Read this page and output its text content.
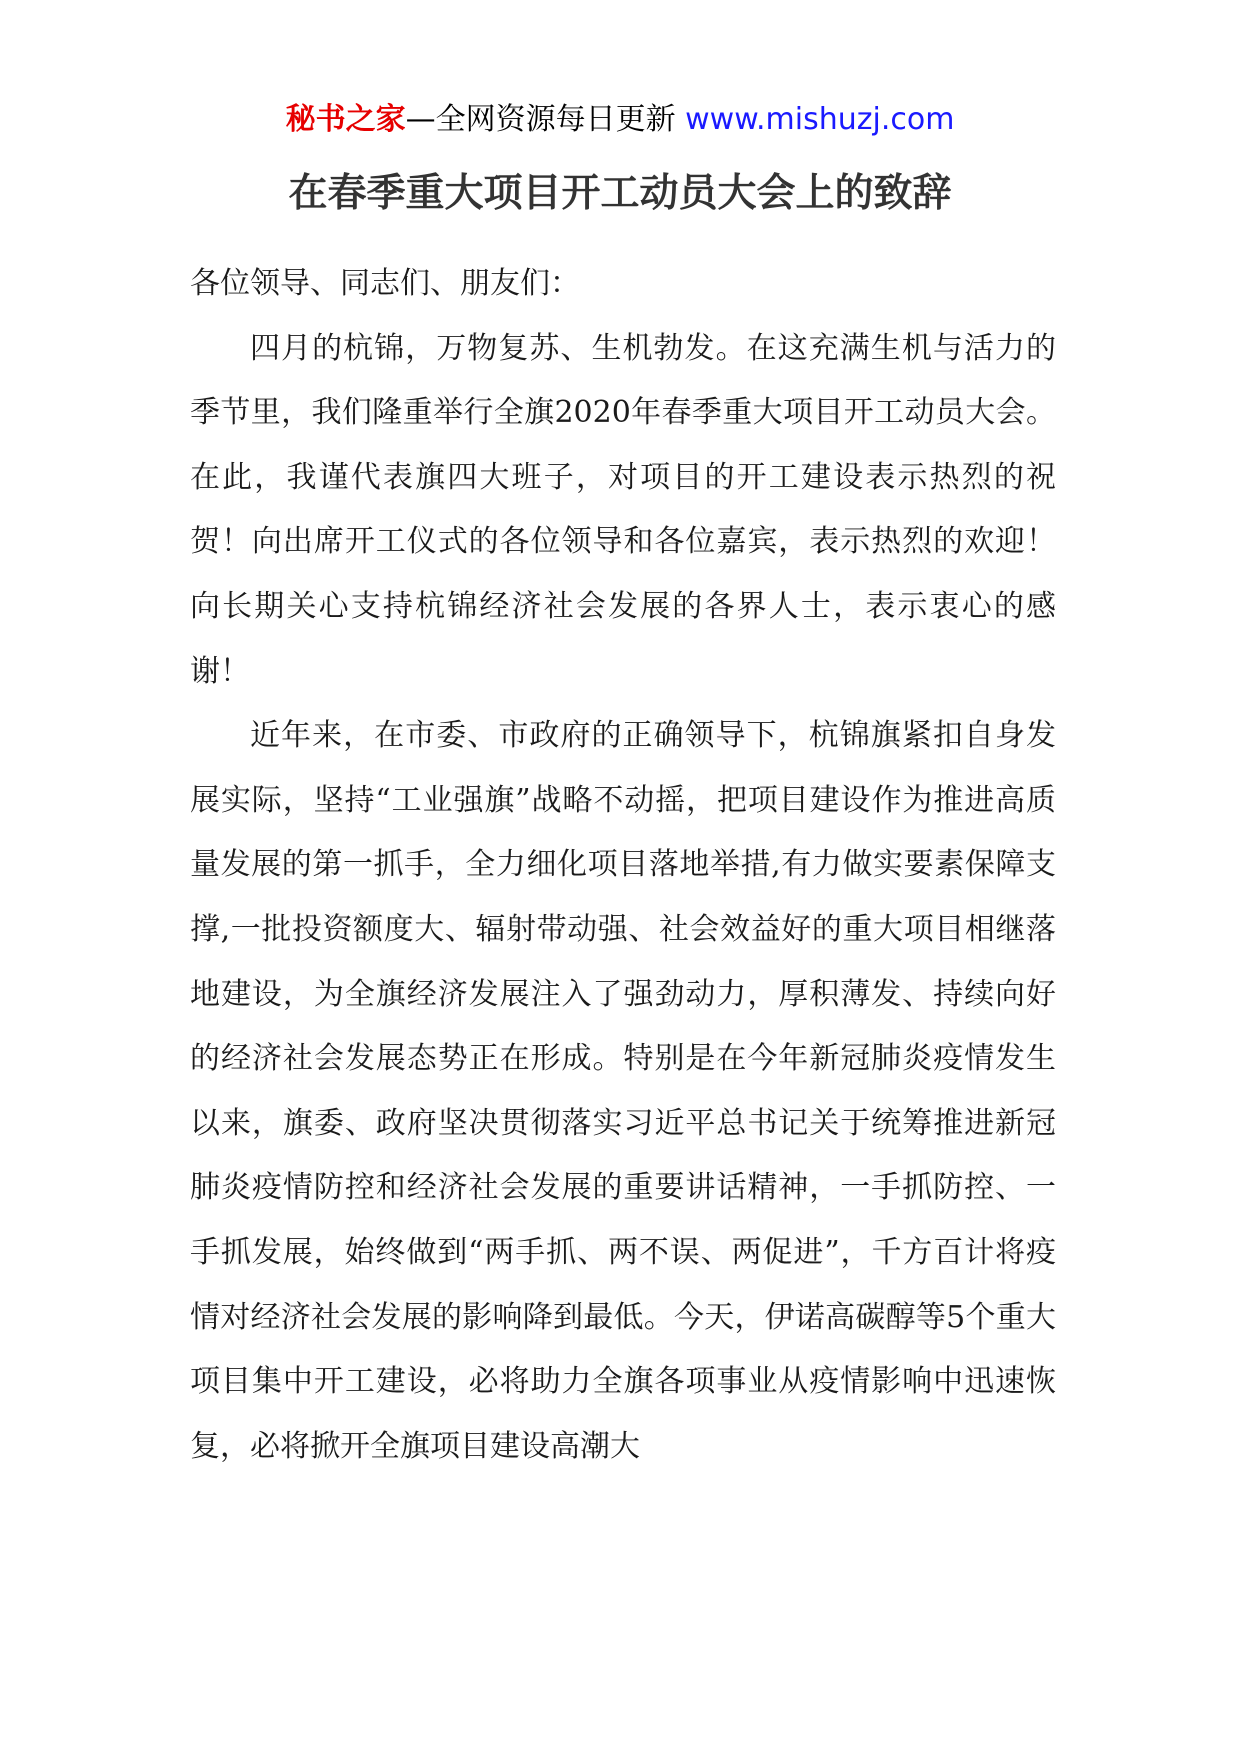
秘书之家—全网资源每日更新 www.mishuzj.com
在春季重大项目开工动员大会上的致辞

各位领导、同志们、朋友们：

四月的杭锦，万物复苏、生机勃发。在这充满生机与活力的季节里，我们隆重举行全旗2020年春季重大项目开工动员大会。在此，我谨代表旗四大班子，对项目的开工建设表示热烈的祝贺！向出席开工仪式的各位领导和各位嘉宾，表示热烈的欢迎！向长期关心支持杭锦经济社会发展的各界人士，表示衷心的感谢！

近年来，在市委、市政府的正确领导下，杭锦旗紧扣自身发展实际，坚持“工业强旗”战略不动摇，把项目建设作为推进高质量发展的第一抓手，全力细化项目落地举措,有力做实要素保障支撑,一批投资额度大、辐射带动强、社会效益好的重大项目相继落地建设，为全旗经济发展注入了强劲动力，厚积薄发、持续向好的经济社会发展态势正在形成。特别是在今年新冠肺炎疫情发生以来，旗委、政府坚决贯彻落实习近平总书记关于统筹推进新冠肺炎疫情防控和经济社会发展的重要讲话精神，一手抓防控、一手抓发展，始终做到“两手抓、两不误、两促进”，千方百计将疫情对经济社会发展的影响降到最低。今天，伊诺高碳醇等5个重大项目集中开工建设，必将助力全旗各项事业从疫情影响中迅速恢复，必将掀开全旗项目建设高潮大
